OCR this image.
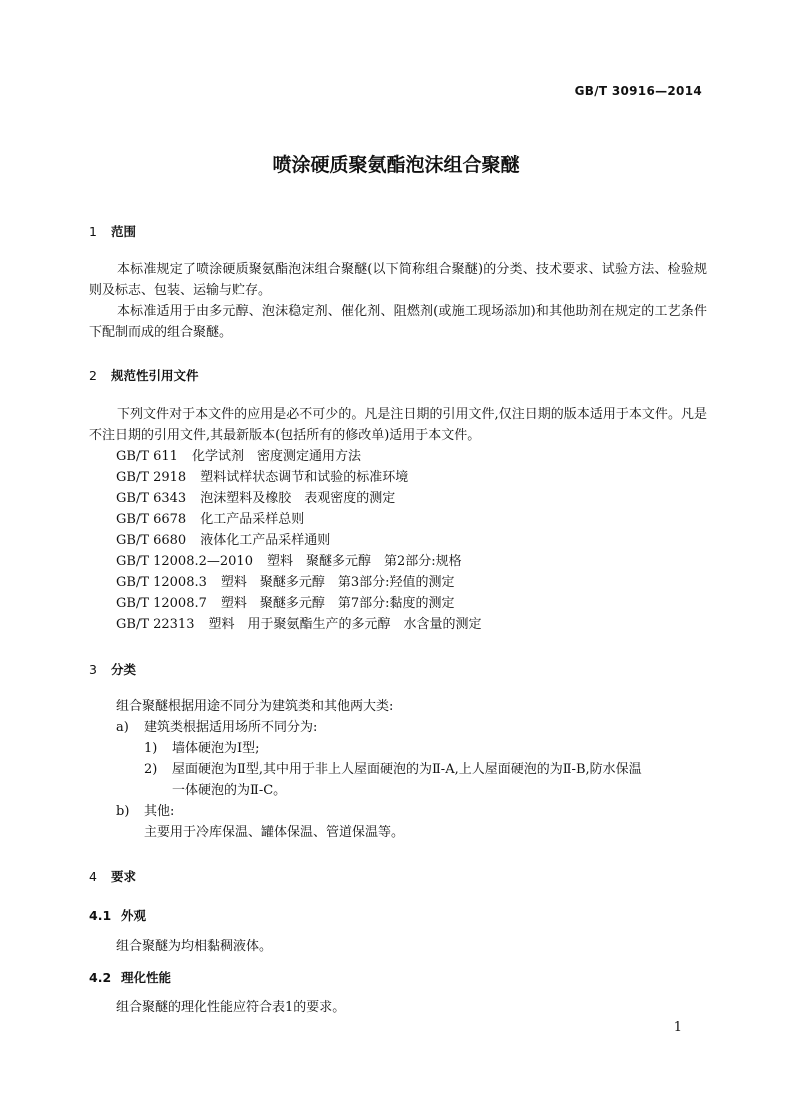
GB/T 30916—2014
喷涂硬质聚氨酯泡沫组合聚醚
1 范围
本标准规定了喷涂硬质聚氨酯泡沫组合聚醚(以下简称组合聚醚)的分类、技术要求、试验方法、检验规则及标志、包装、运输与贮存。
本标准适用于由多元醇、泡沫稳定剂、催化剂、阻燃剂(或施工现场添加)和其他助剂在规定的工艺条件下配制而成的组合聚醚。
2 规范性引用文件
下列文件对于本文件的应用是必不可少的。凡是注日期的引用文件,仅注日期的版本适用于本文件。凡是不注日期的引用文件,其最新版本(包括所有的修改单)适用于本文件。
GB/T 611 化学试剂　密度测定通用方法
GB/T 2918 塑料试样状态调节和试验的标准环境
GB/T 6343 泡沫塑料及橡胶　表观密度的测定
GB/T 6678 化工产品采样总则
GB/T 6680 液体化工产品采样通则
GB/T 12008.2—2010 塑料　聚醚多元醇　第2部分:规格
GB/T 12008.3 塑料　聚醚多元醇　第3部分:羟值的测定
GB/T 12008.7 塑料　聚醚多元醇　第7部分:黏度的测定
GB/T 22313 塑料　用于聚氨酯生产的多元醇　水含量的测定
3 分类
组合聚醚根据用途不同分为建筑类和其他两大类:
a) 建筑类根据适用场所不同分为:
1) 墙体硬泡为Ⅰ型;
2) 屋面硬泡为Ⅱ型,其中用于非上人屋面硬泡的为Ⅱ-A,上人屋面硬泡的为Ⅱ-B,防水保温
一体硬泡的为Ⅱ-C。
b) 其他:
主要用于冷库保温、罐体保温、管道保温等。
4 要求
4.1 外观
组合聚醚为均相黏稠液体。
4.2 理化性能
组合聚醚的理化性能应符合表1的要求。
1
